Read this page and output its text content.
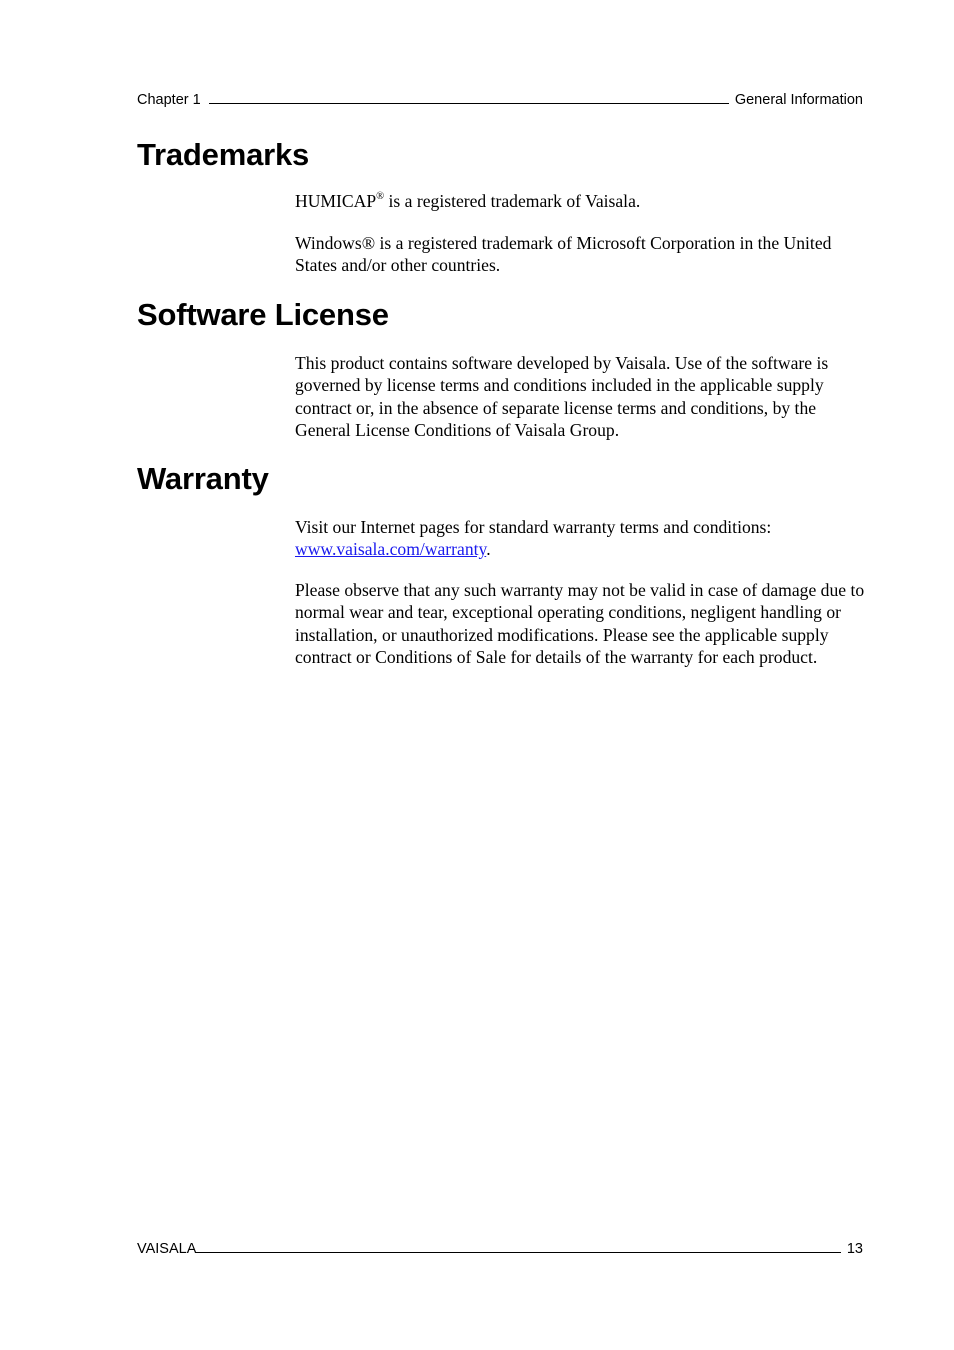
Chapter 1	General Information
Trademarks

HUMICAP® is a registered trademark of Vaisala.

Windows® is a registered trademark of Microsoft Corporation in the United States and/or other countries.

Software License

This product contains software developed by Vaisala. Use of the software is governed by license terms and conditions included in the applicable supply contract or, in the absence of separate license terms and conditions, by the General License Conditions of Vaisala Group.

Warranty

Visit our Internet pages for standard warranty terms and conditions: www.vaisala.com/warranty.

Please observe that any such warranty may not be valid in case of damage due to normal wear and tear, exceptional operating conditions, negligent handling or installation, or unauthorized modifications. Please see the applicable supply contract or Conditions of Sale for details of the warranty for each product.

VAISALA	13
